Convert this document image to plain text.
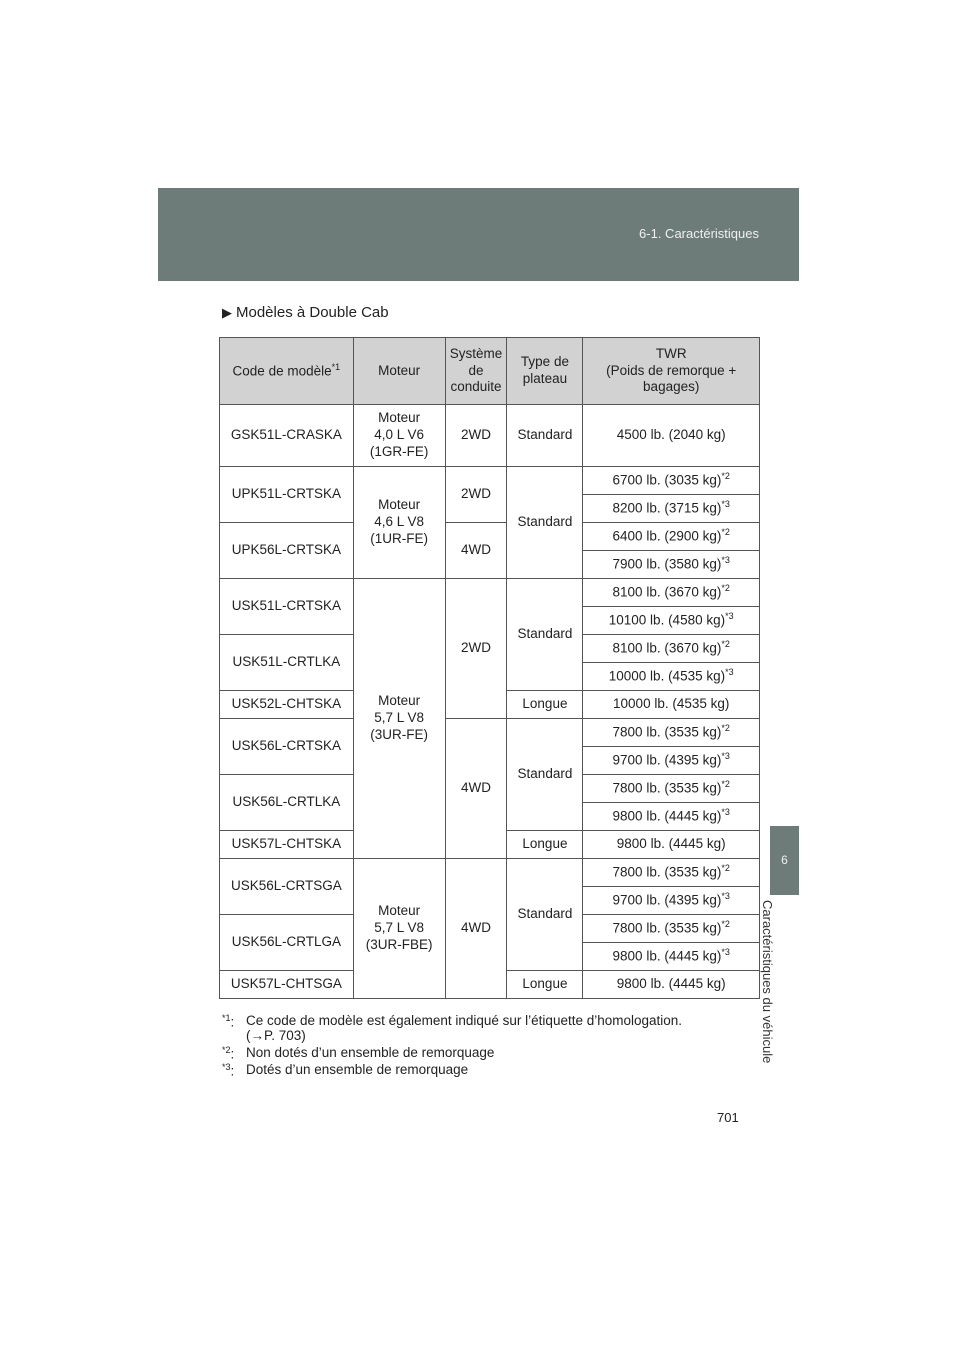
6-1. Caractéristiques
6
Caractéristiques du véhicule
▶ Modèles à Double Cab
Code de modèle$^{*1}$	Moteur	Système
de
conduite	Type de
plateau	TWR
(Poids de remorque +
bagages)
GSK51L-CRASKA	Moteur
4,0 L V6
(1GR-FE)	2WD	Standard	4500 lb. (2040 kg)
UPK51L-CRTSKA	Moteur
4,6 L V8
(1UR-FE)	2WD	Standard	6700 lb. (3035 kg)$^{*2}$
				8200 lb. (3715 kg)$^{*3}$
UPK56L-CRTSKA		4WD		6400 lb. (2900 kg)$^{*2}$
				7900 lb. (3580 kg)$^{*3}$
USK51L-CRTSKA	Moteur
5,7 L V8
(3UR-FE)	2WD	Standard	8100 lb. (3670 kg)$^{*2}$
				10100 lb. (4580 kg)$^{*3}$
USK51L-CRTLKA				8100 lb. (3670 kg)$^{*2}$
				10000 lb. (4535 kg)$^{*3}$
USK52L-CHTSKA			Longue	10000 lb. (4535 kg)
USK56L-CRTSKA		4WD	Standard	7800 lb. (3535 kg)$^{*2}$
				9700 lb. (4395 kg)$^{*3}$
USK56L-CRTLKA				7800 lb. (3535 kg)$^{*2}$
				9800 lb. (4445 kg)$^{*3}$
USK57L-CHTSKA			Longue	9800 lb. (4445 kg)
USK56L-CRTSGA	Moteur
5,7 L V8
(3UR-FBE)	4WD	Standard	7800 lb. (3535 kg)$^{*2}$
				9700 lb. (4395 kg)$^{*3}$
USK56L-CRTLGA				7800 lb. (3535 kg)$^{*2}$
				9800 lb. (4445 kg)$^{*3}$
USK57L-CHTSGA			Longue	9800 lb. (4445 kg)
$^{*1}$: Ce code de modèle est également indiqué sur l’étiquette d’homologation.
(→P. 703)
$^{*2}$: Non dotés d’un ensemble de remorquage
$^{*3}$: Dotés d’un ensemble de remorquage
701
